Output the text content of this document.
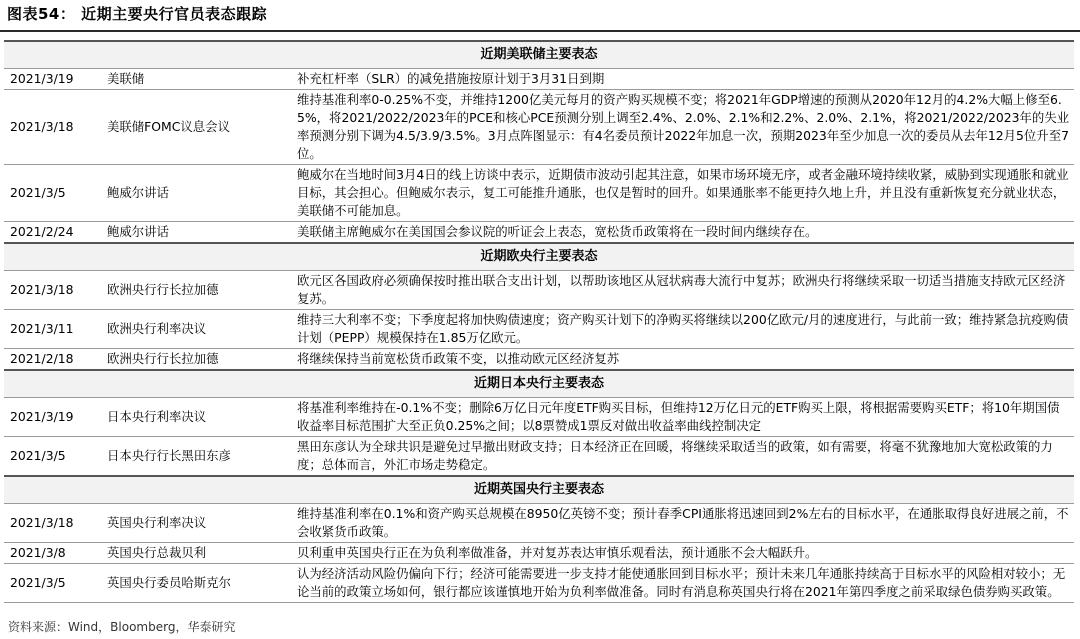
图表54： 近期主要央行官员表态跟踪
近期美联储主要表态		
2021/3/19	美联储	补充杠杆率（SLR）的减免措施按原计划于3月31日到期
2021/3/18	美联储FOMC议息会议	维持基准利率0-0.25%不变，并维持1200亿美元每月的资产购买规模不变；将2021年GDP增速的预测从2020年12月的4.2%大幅上修至6.5%，将2021/2022/2023年的PCE和核心PCE预测分别上调至2.4%、2.0%、2.1%和2.2%、2.0%、2.1%，将2021/2022/2023年的失业率预测分别下调为4.5/3.9/3.5%。3月点阵图显示：有4名委员预计2022年加息一次，预期2023年至少加息一次的委员从去年12月5位升至7位。
2021/3/5	鲍威尔讲话	鲍威尔在当地时间3月4日的线上访谈中表示，近期债市波动引起其注意，如果市场环境无序，或者金融环境持续收紧，威胁到实现通胀和就业目标，其会担心。但鲍威尔表示，复工可能推升通胀，也仅是暂时的回升。如果通胀率不能更持久地上升，并且没有重新恢复充分就业状态，美联储不可能加息。
2021/2/24	鲍威尔讲话	美联储主席鲍威尔在美国国会参议院的听证会上表态，宽松货币政策将在一段时间内继续存在。
近期欧央行主要表态		
2021/3/18	欧洲央行行长拉加德	欧元区各国政府必须确保按时推出联合支出计划，以帮助该地区从冠状病毒大流行中复苏；欧洲央行将继续采取一切适当措施支持欧元区经济复苏。
2021/3/11	欧洲央行利率决议	维持三大利率不变；下季度起将加快购债速度；资产购买计划下的净购买将继续以200亿欧元/月的速度进行，与此前一致；维持紧急抗疫购债计划（PEPP）规模保持在1.85万亿欧元。
2021/2/18	欧洲央行行长拉加德	将继续保持当前宽松货币政策不变，以推动欧元区经济复苏
近期日本央行主要表态		
2021/3/19	日本央行利率决议	将基准利率维持在-0.1%不变；删除6万亿日元年度ETF购买目标，但维持12万亿日元的ETF购买上限，将根据需要购买ETF；将10年期国债收益率目标范围扩大至正负0.25%之间；以8票赞成1票反对做出收益率曲线控制决定
2021/3/5	日本央行行长黑田东彦	黑田东彦认为全球共识是避免过早撤出财政支持；日本经济正在回暖，将继续采取适当的政策，如有需要，将毫不犹豫地加大宽松政策的力度；总体而言，外汇市场走势稳定。
近期英国央行主要表态		
2021/3/18	英国央行利率决议	维持基准利率在0.1%和资产购买总规模在8950亿英镑不变；预计春季CPI通胀将迅速回到2%左右的目标水平，在通胀取得良好进展之前，不会收紧货币政策。
2021/3/8	英国央行总裁贝利	贝利重申英国央行正在为负利率做准备，并对复苏表达审慎乐观看法，预计通胀不会大幅跃升。
2021/3/5	英国央行委员哈斯克尔	认为经济活动风险仍偏向下行；经济可能需要进一步支持才能使通胀回到目标水平；预计未来几年通胀持续高于目标水平的风险相对较小；无论当前的政策立场如何，银行都应该谨慎地开始为负利率做准备。同时有消息称英国央行将在2021年第四季度之前采取绿色债券购买政策。
资料来源：Wind，Bloomberg，华泰研究
